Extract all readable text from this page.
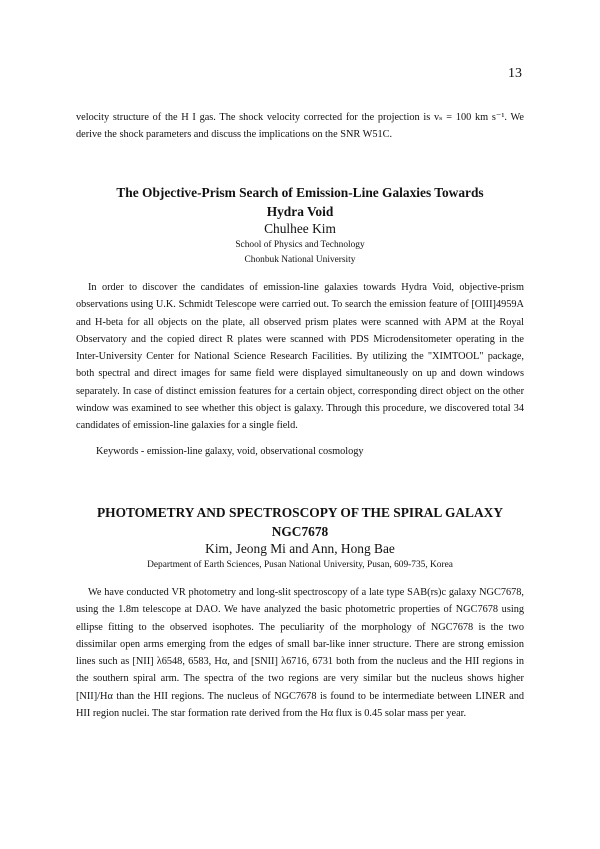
13
velocity structure of the H I gas. The shock velocity corrected for the projection is vₛ = 100 km s⁻¹. We derive the shock parameters and discuss the implications on the SNR W51C.
The Objective-Prism Search of Emission-Line Galaxies Towards
Hydra Void
Chulhee Kim
School of Physics and Technology
Chonbuk National University
In order to discover the candidates of emission-line galaxies towards Hydra Void, objective-prism observations using U.K. Schmidt Telescope were carried out. To search the emission feature of [OIII]4959A and H-beta for all objects on the plate, all observed prism plates were scanned with APM at the Royal Observatory and the copied direct R plates were scanned with PDS Microdensitometer operating in the Inter-University Center for National Science Research Facilities. By utilizing the "XIMTOOL" package, both spectral and direct images for same field were displayed simultaneously on up and down windows separately. In case of distinct emission features for a certain object, corresponding direct object on the other window was examined to see whether this object is galaxy. Through this procedure, we discovered total 34 candidates of emission-line galaxies for a single field.
Keywords - emission-line galaxy, void, observational cosmology
PHOTOMETRY AND SPECTROSCOPY OF THE SPIRAL GALAXY
NGC7678
Kim, Jeong Mi and Ann, Hong Bae
Department of Earth Sciences, Pusan National University, Pusan, 609-735, Korea
We have conducted VR photometry and long-slit spectroscopy of a late type SAB(rs)c galaxy NGC7678, using the 1.8m telescope at DAO. We have analyzed the basic photometric properties of NGC7678 using ellipse fitting to the observed isophotes. The peculiarity of the morphology of NGC7678 is the two dissimilar open arms emerging from the edges of small bar-like inner structure. There are strong emission lines such as [NII] λ6548, 6583, Hα, and [SNII] λ6716, 6731 both from the nucleus and the HII regions in the southern spiral arm. The spectra of the two regions are very similar but the nucleus shows higher [NII]/Hα than the HII regions. The nucleus of NGC7678 is found to be intermediate between LINER and HII region nuclei. The star formation rate derived from the Hα flux is 0.45 solar mass per year.
